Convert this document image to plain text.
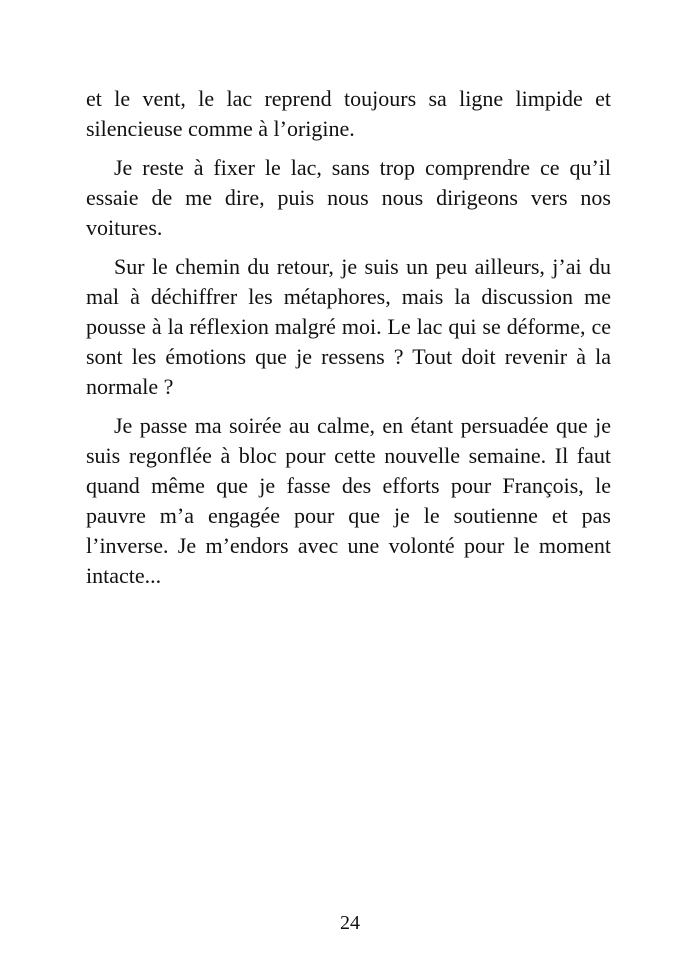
et le vent, le lac reprend toujours sa ligne limpide et silencieuse comme à l’origine.

Je reste à fixer le lac, sans trop comprendre ce qu’il essaie de me dire, puis nous nous dirigeons vers nos voitures.

Sur le chemin du retour, je suis un peu ailleurs, j’ai du mal à déchiffrer les métaphores, mais la discussion me pousse à la réflexion malgré moi. Le lac qui se déforme, ce sont les émotions que je ressens ? Tout doit revenir à la normale ?

Je passe ma soirée au calme, en étant persuadée que je suis regonflée à bloc pour cette nouvelle semaine. Il faut quand même que je fasse des efforts pour François, le pauvre m’a engagée pour que je le soutienne et pas l’inverse. Je m’endors avec une volonté pour le moment intacte...

24
